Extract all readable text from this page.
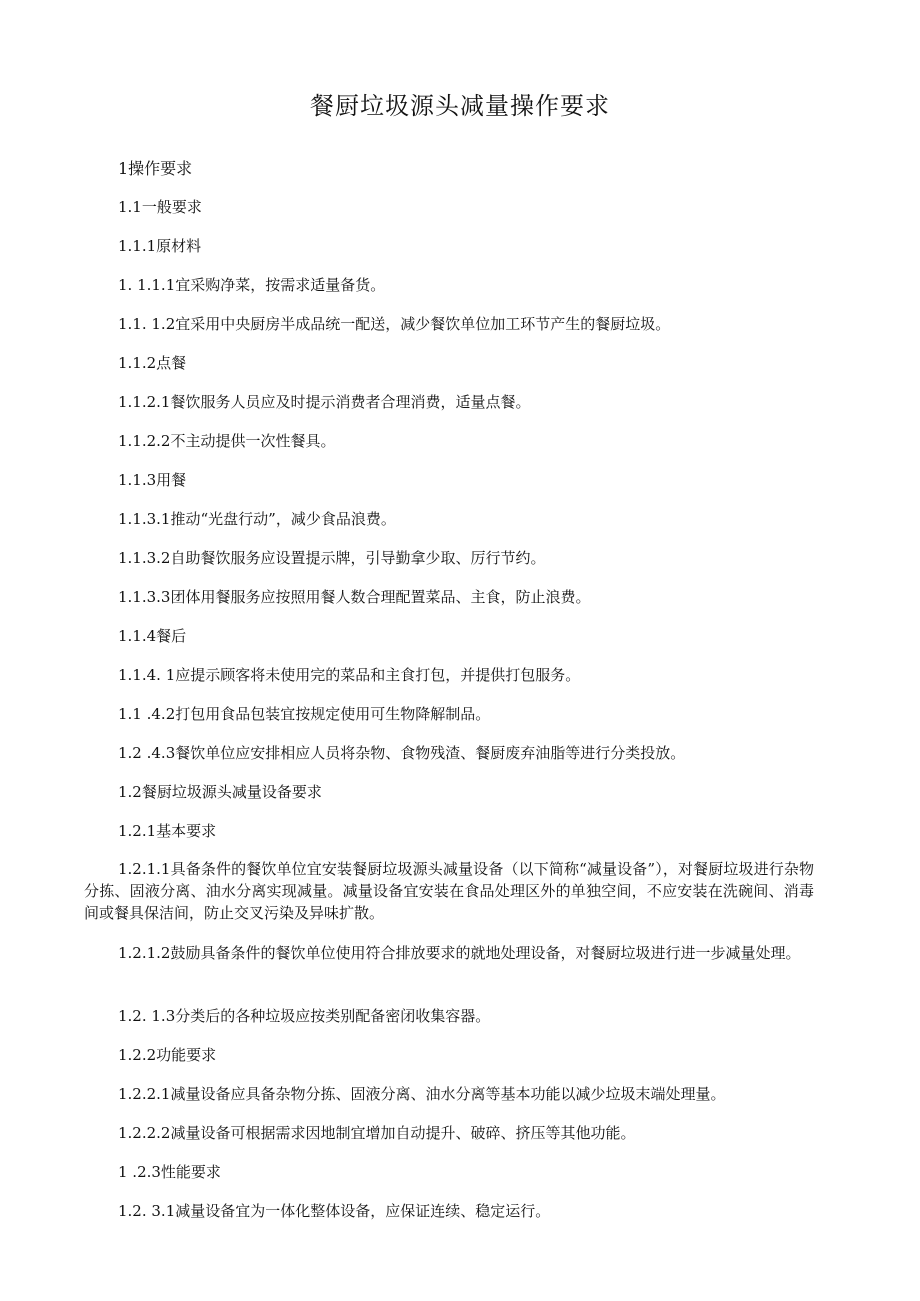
餐厨垃圾源头减量操作要求

1操作要求

1.1一般要求

1.1.1原材料

1. 1.1.1宜采购净菜，按需求适量备货。

1.1. 1.2宜采用中央厨房半成品统一配送，减少餐饮单位加工环节产生的餐厨垃圾。

1.1.2点餐

1.1.2.1餐饮服务人员应及时提示消费者合理消费，适量点餐。

1.1.2.2不主动提供一次性餐具。

1.1.3用餐

1.1.3.1推动“光盘行动”，减少食品浪费。

1.1.3.2自助餐饮服务应设置提示牌，引导勤拿少取、厉行节约。

1.1.3.3团体用餐服务应按照用餐人数合理配置菜品、主食，防止浪费。

1.1.4餐后

1.1.4. 1应提示顾客将未使用完的菜品和主食打包，并提供打包服务。

1.1 .4.2打包用食品包装宜按规定使用可生物降解制品。

1.2 .4.3餐饮单位应安排相应人员将杂物、食物残渣、餐厨废弃油脂等进行分类投放。

1.2餐厨垃圾源头减量设备要求

1.2.1基本要求

1.2.1.1具备条件的餐饮单位宜安装餐厨垃圾源头减量设备（以下简称“减量设备”），对餐厨垃圾进行杂物分拣、固液分离、油水分离实现减量。减量设备宜安装在食品处理区外的单独空间，不应安装在洗碗间、消毒间或餐具保洁间，防止交叉污染及异味扩散。

1.2.1.2鼓励具备条件的餐饮单位使用符合排放要求的就地处理设备，对餐厨垃圾进行进一步减量处理。

1.2. 1.3分类后的各种垃圾应按类别配备密闭收集容器。

1.2.2功能要求

1.2.2.1减量设备应具备杂物分拣、固液分离、油水分离等基本功能以减少垃圾末端处理量。

1.2.2.2减量设备可根据需求因地制宜增加自动提升、破碎、挤压等其他功能。

1 .2.3性能要求

1.2. 3.1减量设备宜为一体化整体设备，应保证连续、稳定运行。
